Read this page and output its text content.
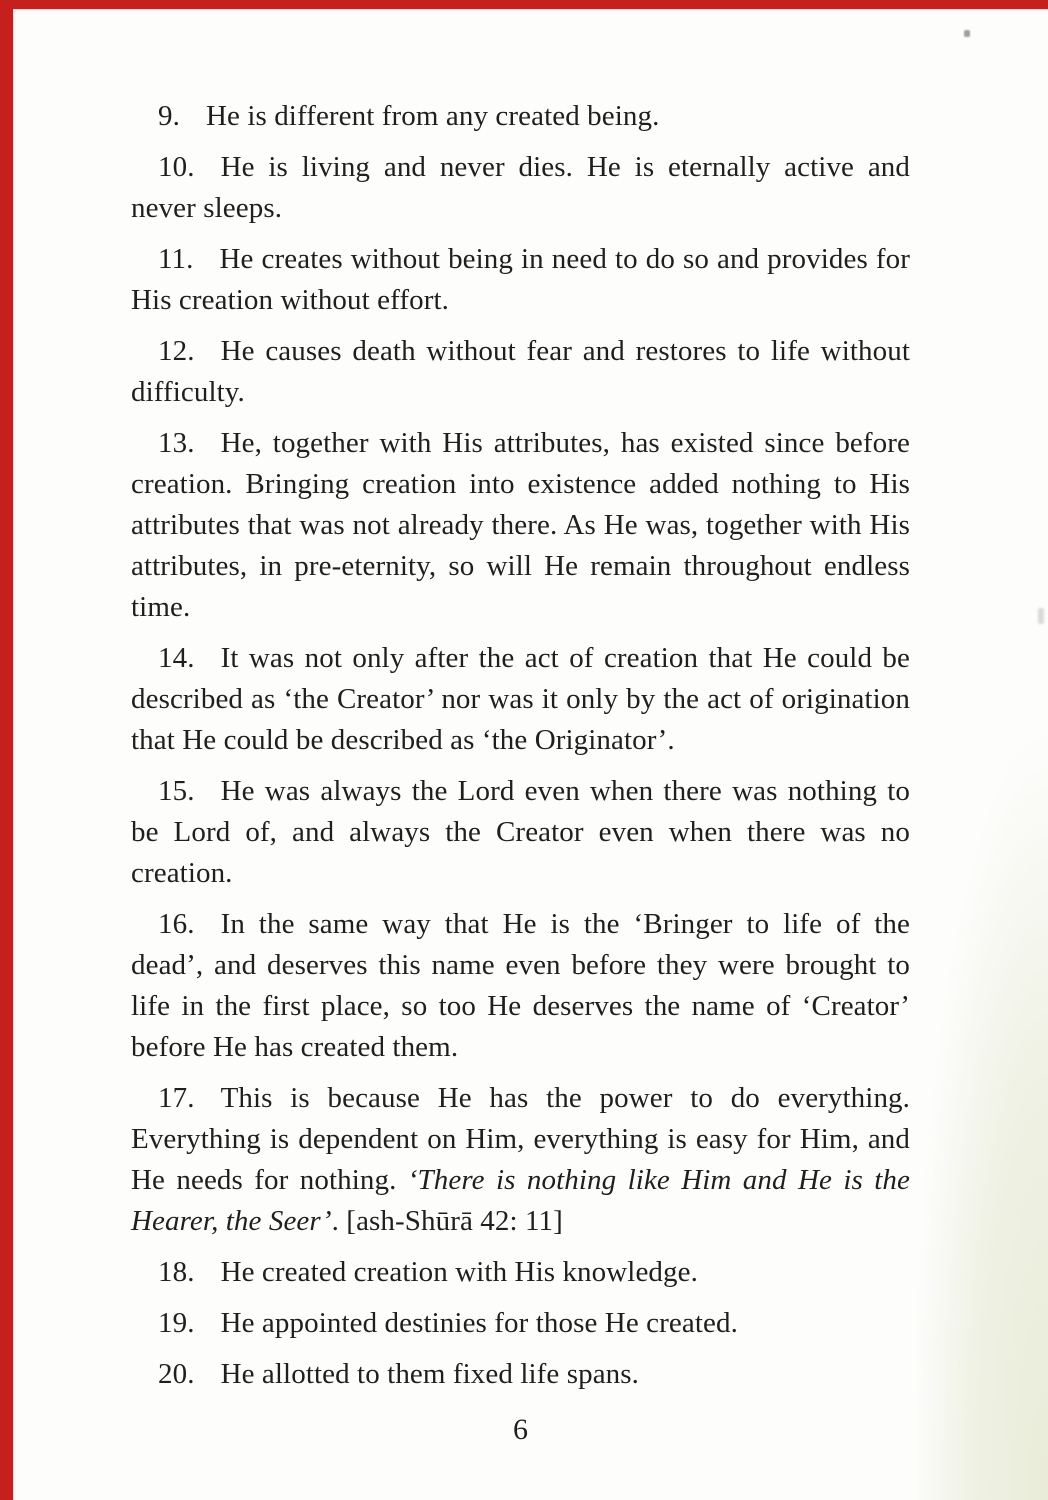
9. He is different from any created being.

10. He is living and never dies. He is eternally active and never sleeps.

11. He creates without being in need to do so and provides for His creation without effort.

12. He causes death without fear and restores to life without difficulty.

13. He, together with His attributes, has existed since before creation. Bringing creation into existence added nothing to His attributes that was not already there. As He was, together with His attributes, in pre-eternity, so will He remain throughout endless time.

14. It was not only after the act of creation that He could be described as ‘the Creator’ nor was it only by the act of origination that He could be described as ‘the Originator’.

15. He was always the Lord even when there was nothing to be Lord of, and always the Creator even when there was no creation.

16. In the same way that He is the ‘Bringer to life of the dead’, and deserves this name even before they were brought to life in the first place, so too He deserves the name of ‘Creator’ before He has created them.

17. This is because He has the power to do everything. Everything is dependent on Him, everything is easy for Him, and He needs for nothing. ‘There is nothing like Him and He is the Hearer, the Seer’. [ash-Shūrā 42: 11]

18. He created creation with His knowledge.

19. He appointed destinies for those He created.

20. He allotted to them fixed life spans.

6
